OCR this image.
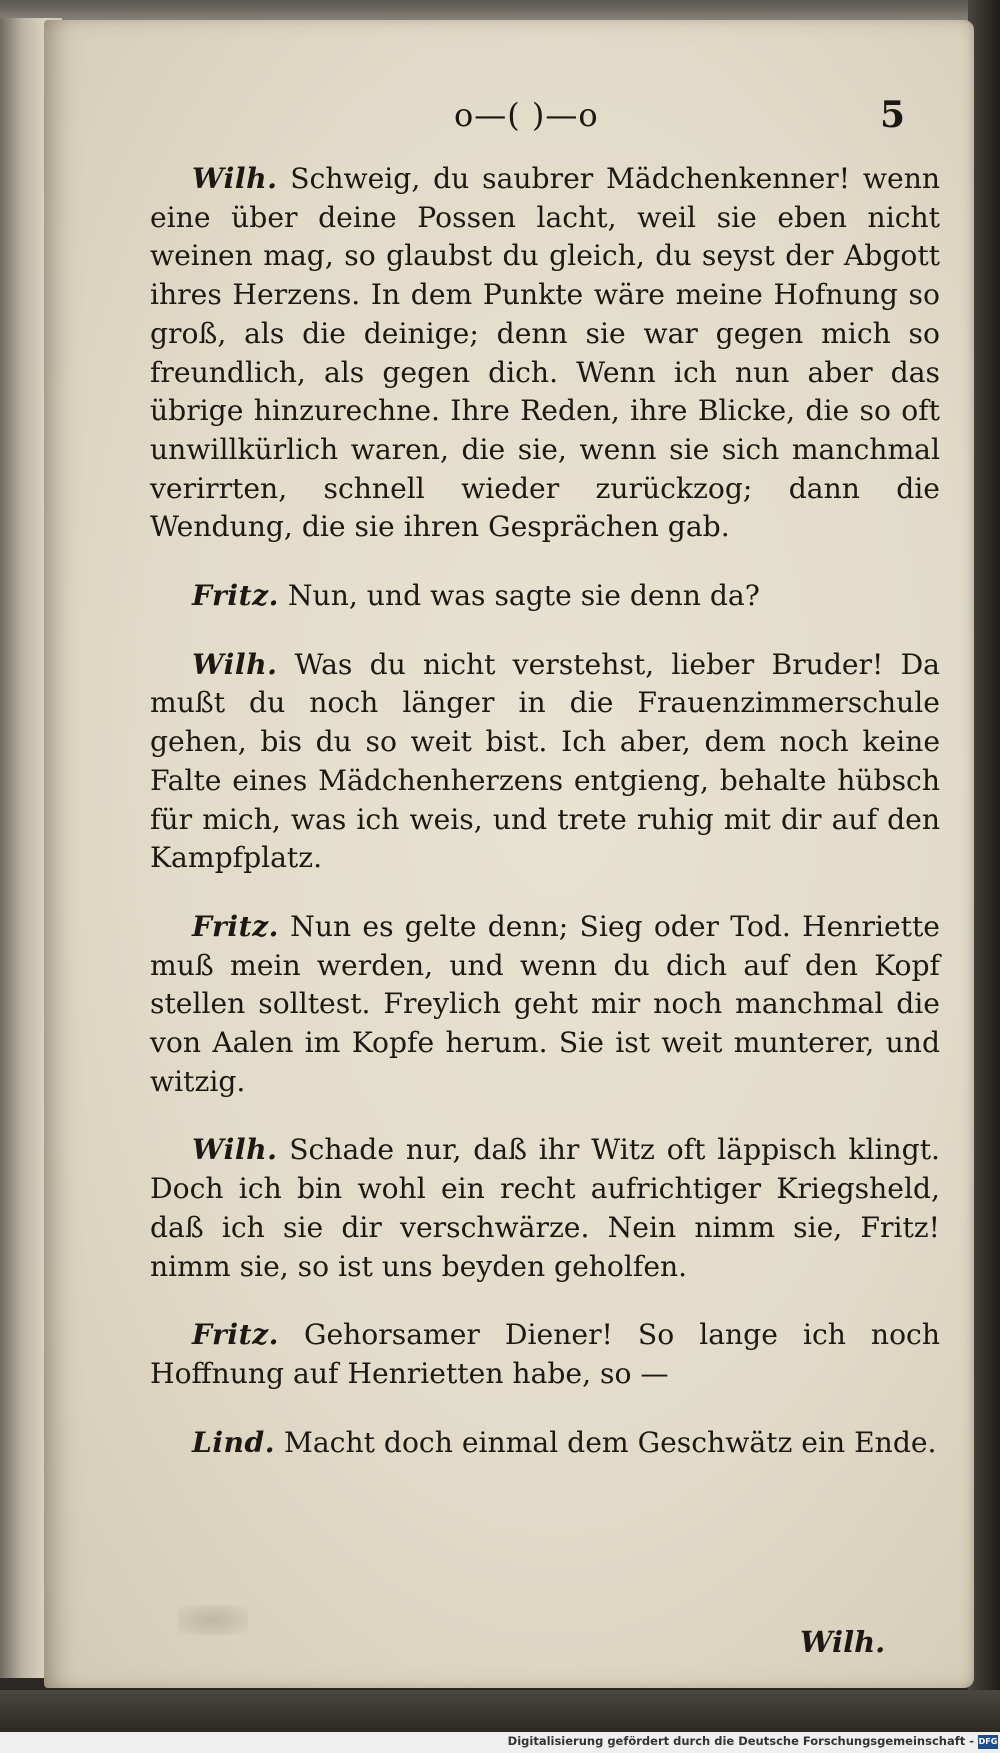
o—( )—o	5

Wilh. Schweig, du saubrer Mädchenkenner! wenn eine über deine Possen lacht, weil sie eben nicht weinen mag, so glaubst du gleich, du seyst der Abgott ihres Herzens. In dem Punkte wäre meine Hofnung so groß, als die deinige; denn sie war gegen mich so freundlich, als gegen dich. Wenn ich nun aber das übrige hinzurechne. Ihre Reden, ihre Blicke, die so oft unwillkürlich waren, die sie, wenn sie sich manchmal verirrten, schnell wieder zurückzog; dann die Wendung, die sie ihren Gesprächen gab.

Fritz. Nun, und was sagte sie denn da?

Wilh. Was du nicht verstehst, lieber Bruder! Da mußt du noch länger in die Frauenzimmerschule gehen, bis du so weit bist. Ich aber, dem noch keine Falte eines Mädchenherzens entgieng, behalte hübsch für mich, was ich weis, und trete ruhig mit dir auf den Kampfplatz.

Fritz. Nun es gelte denn; Sieg oder Tod. Henriette muß mein werden, und wenn du dich auf den Kopf stellen solltest. Freylich geht mir noch manchmal die von Aalen im Kopfe herum. Sie ist weit munterer, und witzig.

Wilh. Schade nur, daß ihr Witz oft läppisch klingt. Doch ich bin wohl ein recht aufrichtiger Kriegsheld, daß ich sie dir verschwärze. Nein nimm sie, Fritz! nimm sie, so ist uns beyden geholfen.

Fritz. Gehorsamer Diener! So lange ich noch Hoffnung auf Henrietten habe, so —

Lind. Macht doch einmal dem Geschwätz ein Ende.

Wilh.
Digitalisierung gefördert durch die Deutsche Forschungsgemeinschaft - DFG
